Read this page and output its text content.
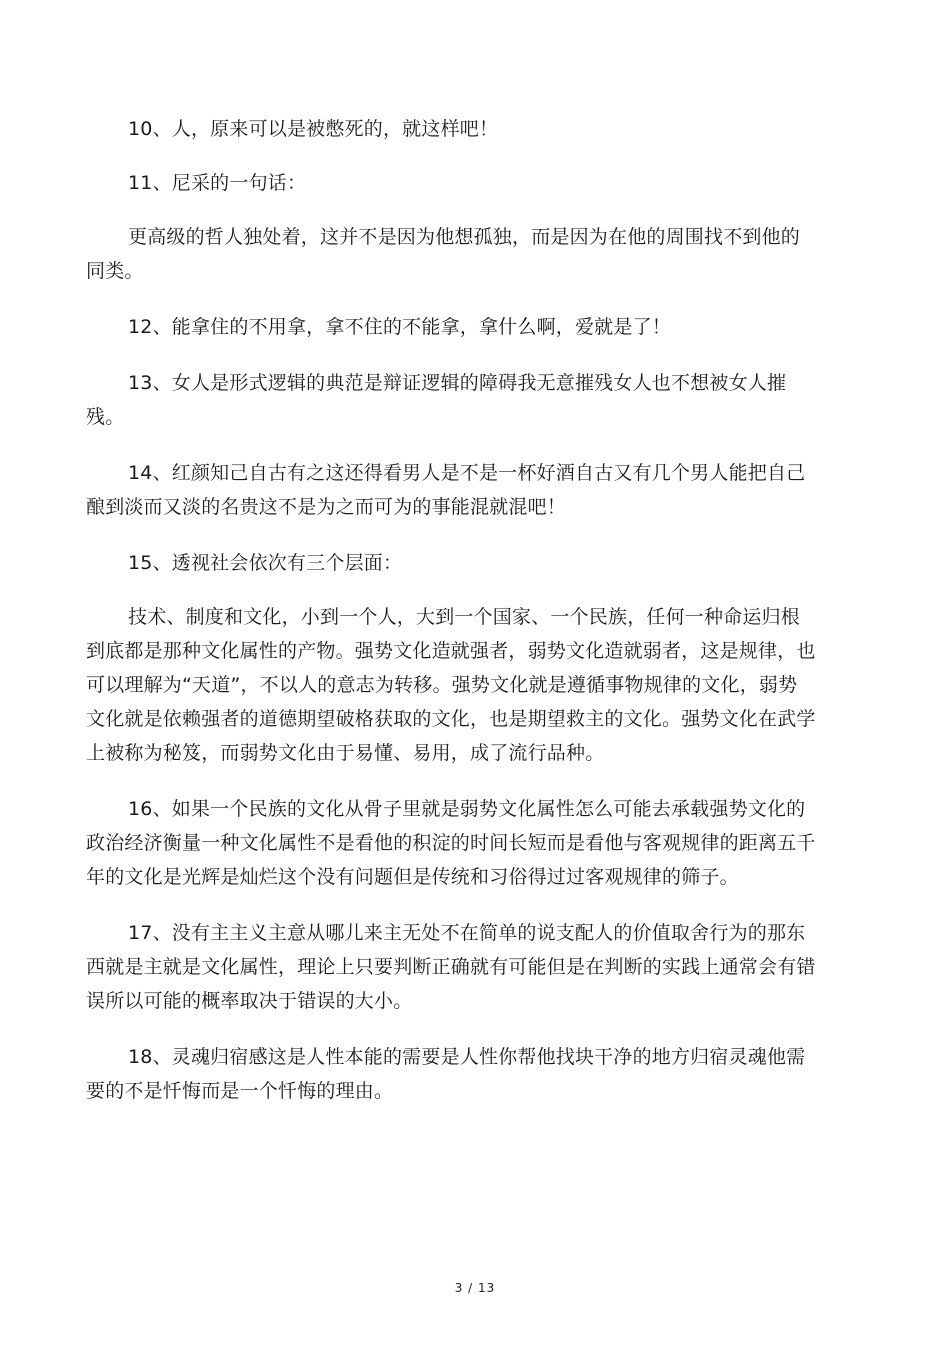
10、人，原来可以是被憋死的，就这样吧！

11、尼采的一句话：

更高级的哲人独处着，这并不是因为他想孤独，而是因为在他的周围找不到他的同类。

12、能拿住的不用拿，拿不住的不能拿，拿什么啊，爱就是了！

13、女人是形式逻辑的典范是辩证逻辑的障碍我无意摧残女人也不想被女人摧残。

14、红颜知己自古有之这还得看男人是不是一杯好酒自古又有几个男人能把自己酿到淡而又淡的名贵这不是为之而可为的事能混就混吧！

15、透视社会依次有三个层面：

技术、制度和文化，小到一个人，大到一个国家、一个民族，任何一种命运归根到底都是那种文化属性的产物。强势文化造就强者，弱势文化造就弱者，这是规律，也可以理解为“天道”，不以人的意志为转移。强势文化就是遵循事物规律的文化，弱势文化就是依赖强者的道德期望破格获取的文化，也是期望救主的文化。强势文化在武学上被称为秘笈，而弱势文化由于易懂、易用，成了流行品种。

16、如果一个民族的文化从骨子里就是弱势文化属性怎么可能去承载强势文化的政治经济衡量一种文化属性不是看他的积淀的时间长短而是看他与客观规律的距离五千年的文化是光辉是灿烂这个没有问题但是传统和习俗得过过客观规律的筛子。

17、没有主主义主意从哪儿来主无处不在简单的说支配人的价值取舍行为的那东西就是主就是文化属性，理论上只要判断正确就有可能但是在判断的实践上通常会有错误所以可能的概率取决于错误的大小。

18、灵魂归宿感这是人性本能的需要是人性你帮他找块干净的地方归宿灵魂他需要的不是忏悔而是一个忏悔的理由。

3 / 13
